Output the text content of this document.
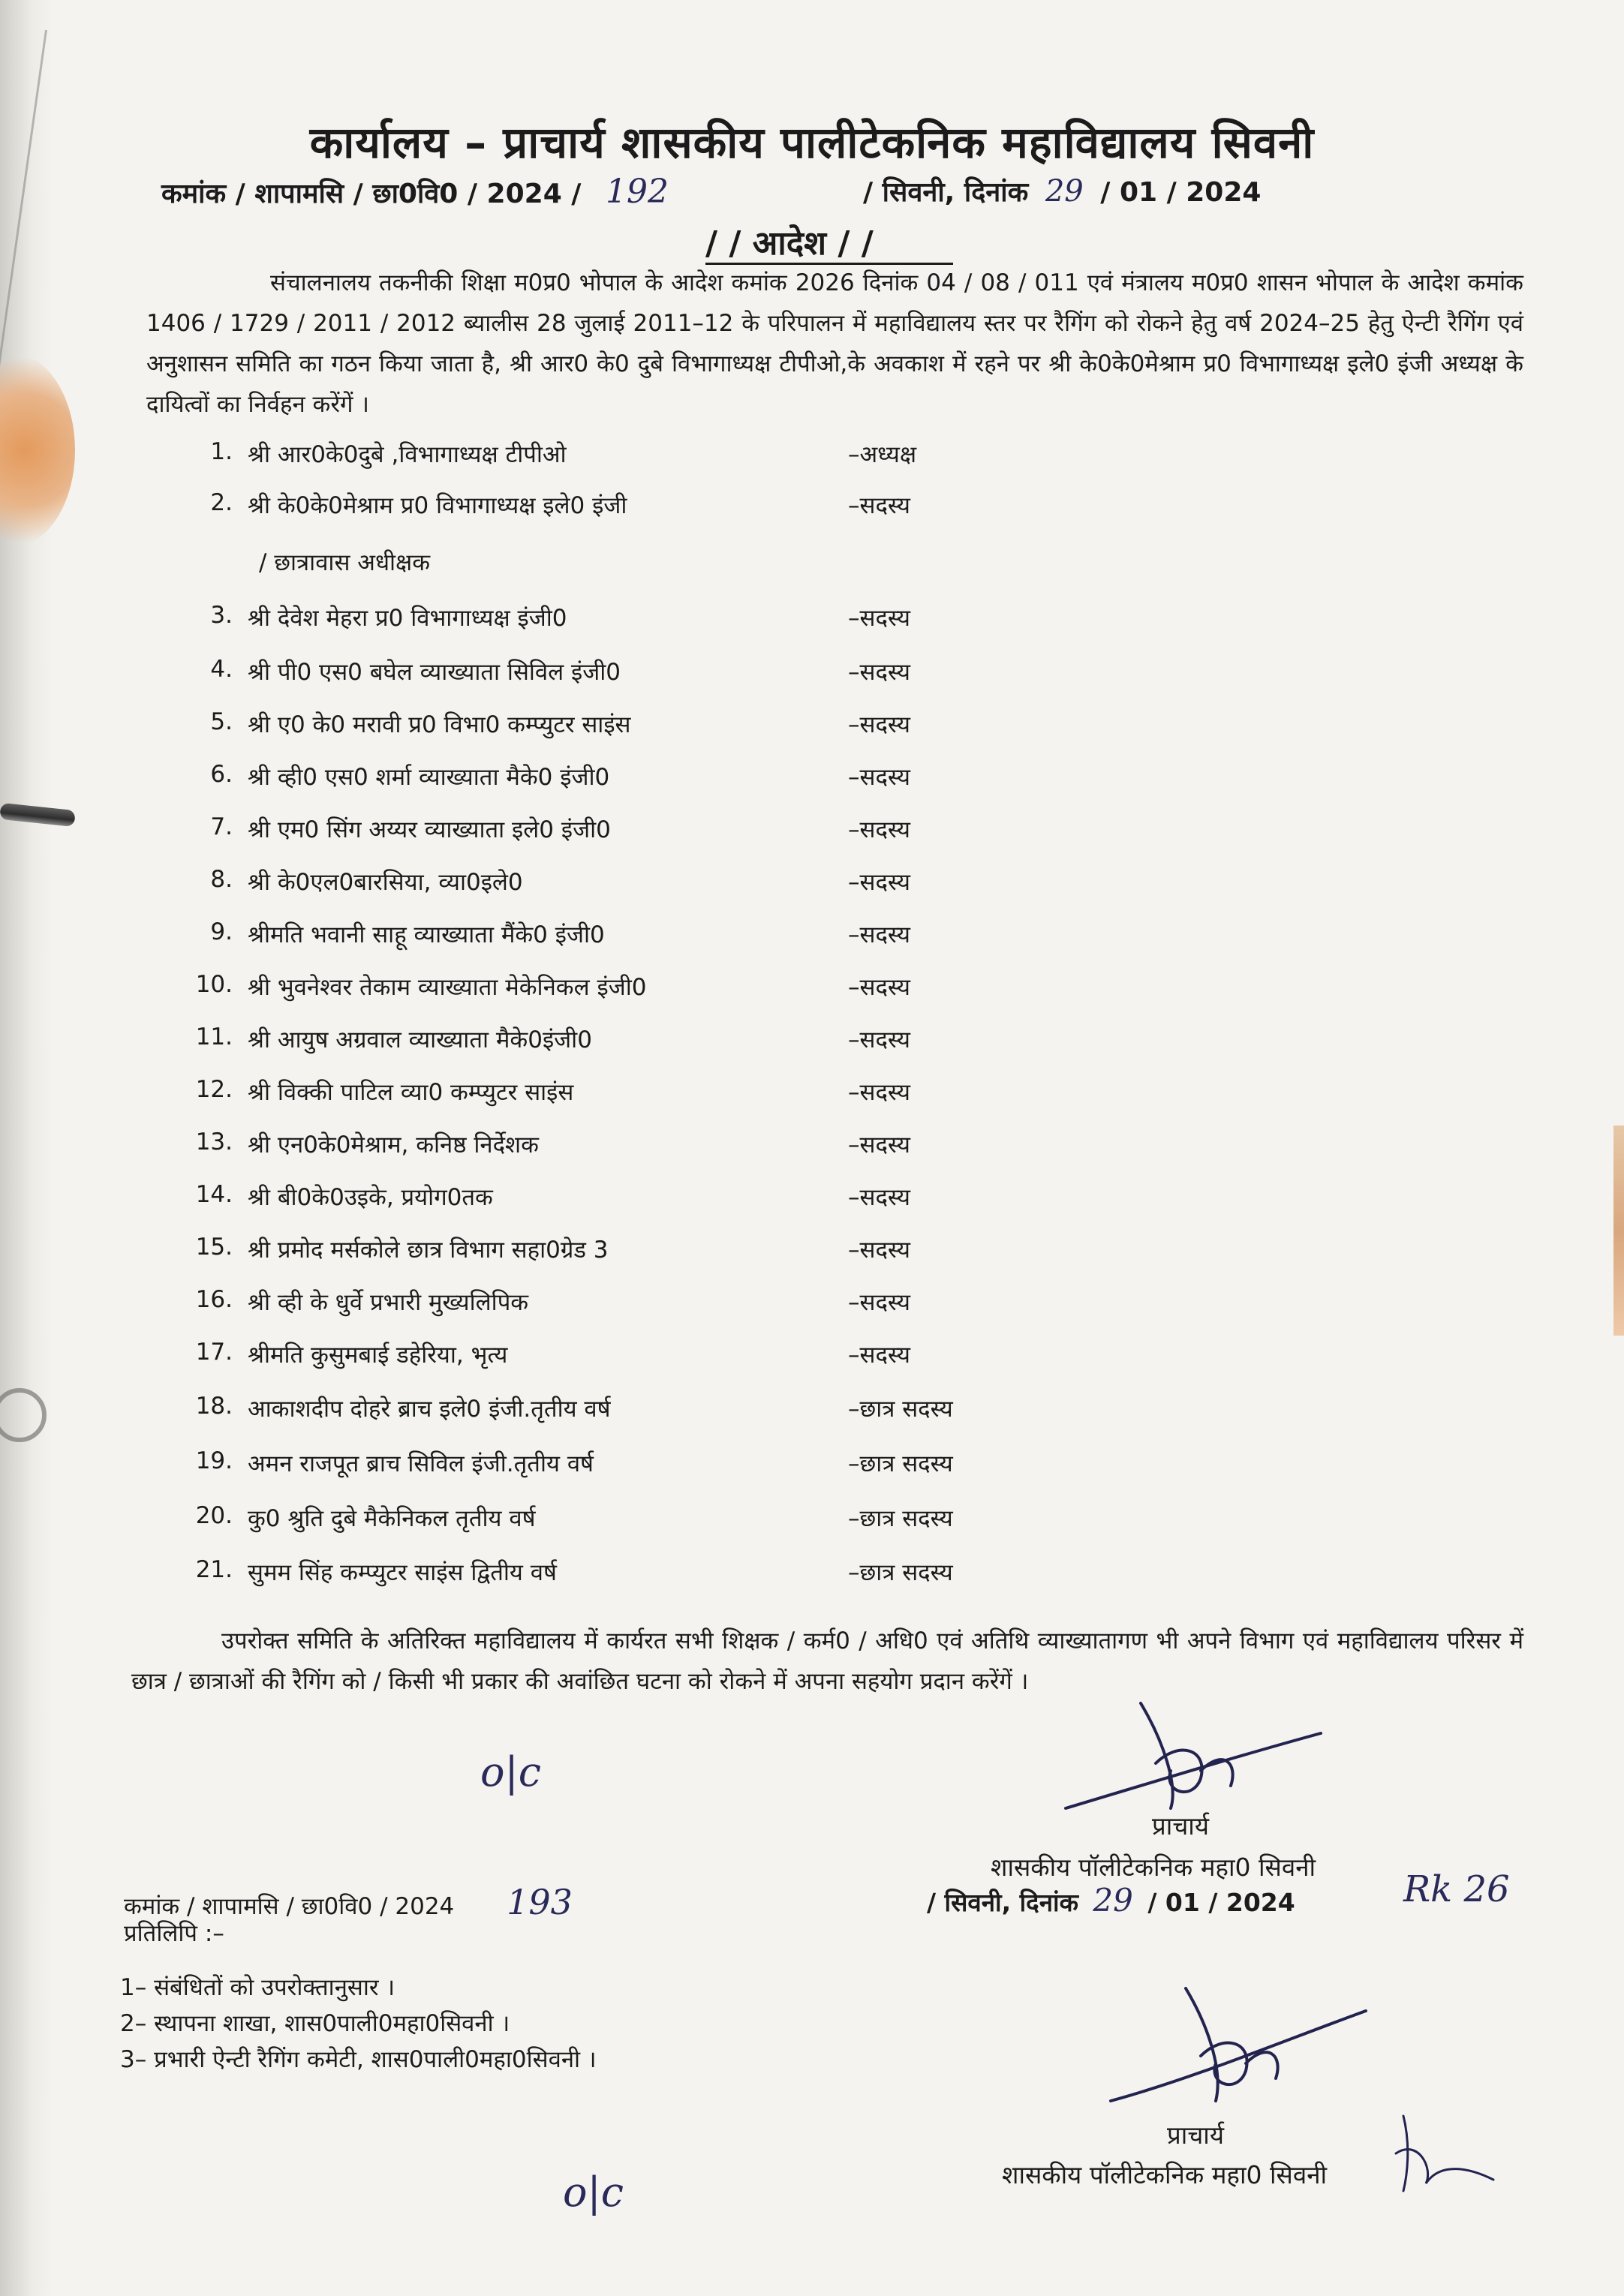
कार्यालय – प्राचार्य शासकीय पालीटेकनिक महाविद्यालय सिवनी
कमांक / शापामसि / छा0वि0 / 2024 / 192	/ सिवनी, दिनांक 29 / 01 / 2024
/ / आदेश / /
संचालनालय तकनीकी शिक्षा म0प्र0 भोपाल के आदेश कमांक 2026 दिनांक 04 / 08 / 011 एवं मंत्रालय म0प्र0 शासन भोपाल के आदेश कमांक 1406 / 1729 / 2011 / 2012 ब्यालीस 28 जुलाई 2011–12 के परिपालन में महाविद्यालय स्तर पर रैगिंग को रोकने हेतु वर्ष 2024–25 हेतु ऐन्टी रैगिंग एवं अनुशासन समिति का गठन किया जाता है, श्री आर0 के0 दुबे विभागाध्यक्ष टीपीओ,के अवकाश में रहने पर श्री के0के0मेश्राम प्र0 विभागाध्यक्ष इले0 इंजी अध्यक्ष के दायित्वों का निर्वहन करेंगें ।
1. श्री आर0के0दुबे ,विभागाध्यक्ष टीपीओ	–अध्यक्ष
2. श्री के0के0मेश्राम प्र0 विभागाध्यक्ष इले0 इंजी	–सदस्य
3. श्री देवेश मेहरा प्र0 विभागाध्यक्ष इंजी0	–सदस्य
4. श्री पी0 एस0 बघेल व्याख्याता सिविल इंजी0	–सदस्य
5. श्री ए0 के0 मरावी प्र0 विभा0 कम्प्युटर साइंस	–सदस्य
6. श्री व्ही0 एस0 शर्मा व्याख्याता मैके0 इंजी0	–सदस्य
7. श्री एम0 सिंग अय्यर व्याख्याता इले0 इंजी0	–सदस्य
8. श्री के0एल0बारसिया, व्या0इले0	–सदस्य
9. श्रीमति भवानी साहू व्याख्याता मैंके0 इंजी0	–सदस्य
10. श्री भुवनेश्वर तेकाम व्याख्याता मेकेनिकल इंजी0	–सदस्य
11. श्री आयुष अग्रवाल व्याख्याता मैके0इंजी0	–सदस्य
12. श्री विक्की पाटिल व्या0 कम्प्युटर साइंस	–सदस्य
13. श्री एन0के0मेश्राम, कनिष्ठ निर्देशक	–सदस्य
14. श्री बी0के0उइके, प्रयोग0तक	–सदस्य
15. श्री प्रमोद मर्सकोले छात्र विभाग सहा0ग्रेड 3	–सदस्य
16. श्री व्ही के धुर्वे प्रभारी मुख्यलिपिक	–सदस्य
17. श्रीमति कुसुमबाई डहेरिया, भृत्य	–सदस्य
18. आकाशदीप दोहरे ब्राच इले0 इंजी.तृतीय वर्ष	–छात्र सदस्य
19. अमन राजपूत ब्राच सिविल इंजी.तृतीय वर्ष	–छात्र सदस्य
20. कु0 श्रुति दुबे मैकेनिकल तृतीय वर्ष	–छात्र सदस्य
21. सुमम सिंह कम्प्युटर साइंस द्वितीय वर्ष	–छात्र सदस्य
/ छात्रावास अधीक्षक
उपरोक्त समिति के अतिरिक्त महाविद्यालय में कार्यरत सभी शिक्षक / कर्म0 / अधि0 एवं अतिथि व्याख्यातागण भी अपने विभाग एवं महाविद्यालय परिसर में छात्र / छात्राओं की रैगिंग को / किसी भी प्रकार की अवांछित घटना को रोकने में अपना सहयोग प्रदान करेंगें ।
o|c
प्राचार्य
शासकीय पॉलीटेकनिक महा0 सिवनी
कमांक / शापामसि / छा0वि0 / 2024 193	/ सिवनी, दिनांक 29 / 01 / 2024	Rk 26
प्रतिलिपि :–
1– संबंधितों को उपरोक्तानुसार ।
2– स्थापना शाखा, शास0पाली0महा0सिवनी ।
3– प्रभारी ऐन्टी रैगिंग कमेटी, शास0पाली0महा0सिवनी ।
प्राचार्य
शासकीय पॉलीटेकनिक महा0 सिवनी
o|c
